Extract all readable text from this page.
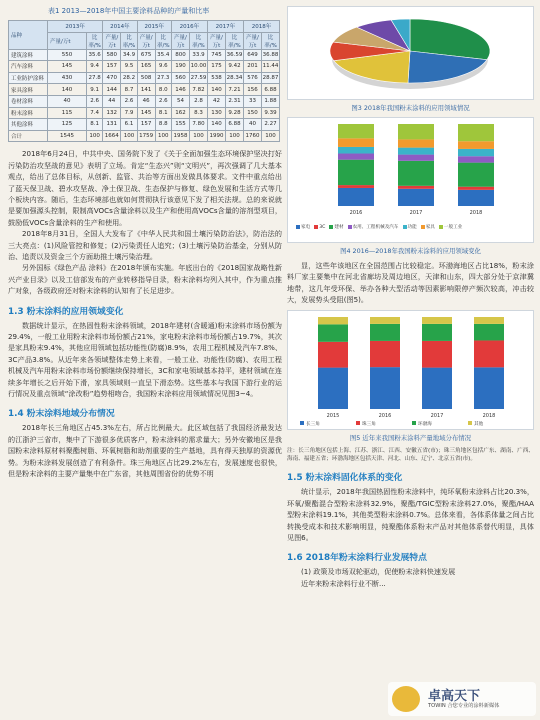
表1 2013—2018年中国主要涂料品种的产量和比率
品种	2013年		2014年		2015年		2016年		2017年		2018年	
	产量/万t	比率/%	产量/万t	比率/%	产量/万t	比率/%	产量/万t	比率/%	产量/万t	比率/%	产量/万t	比率/%
建筑涂料	550	35.6	580	34.9	675	35.4	800	33.9	745	36.59	649	36.88
汽车涂料	145	9.4	157	9.5	165	9.6	190	10.00	175	9.42	201	11.44
工业防护涂料	430	27.8	470	28.2	508	27.3	560	27.59	538	28.34	576	28.87
家具涂料	140	9.1	144	8.7	141	8.0	146	7.82	140	7.21	156	6.88
卷材涂料	40	2.6	44	2.6	46	2.6	54	2.8	42	2.31	33	1.88
粉末涂料	115	7.4	132	7.9	145	8.1	162	8.3	130	9.28	150	9.39
其他涂料	125	8.1	131	6.1	157	8.8	155	7.80	140	6.88	40	2.27
合计	1545	100	1664	100	1759	100	1958	100	1990	100	1760	100

2018年6月24日，中共中央、国务院下发了《关于全面加强生态环境保护坚决打好污染防治攻坚战的意见》表明了立场。肯定“生态兴”则“文明兴”，再次强调了几大基本观点，给出了总体目标，从创新、监管、共治等方面出发做具体要求。文件中重点给出了蓝天保卫战、碧水攻坚战、净土保卫战、生态保护与修复、绿色发展和生活方式等几个板块内容。随后，生态环境部也就如何贯彻执行该意见下发了相关法规。总的来说就是要加强源头控制，限制高VOCs含量涂料以及生产和使用高VOCs含量的溶剂型项目，鼓励低VOCs含量涂料的生产和使用。

2018年8月31日，全国人大发布了《中华人民共和国土壤污染防治法》，防治法的三大亮点：(1)风险管控和修复；(2)污染责任人追究；(3)土壤污染防治基金，分别从防治、追责以及资金三个方面助推土壤污染治理。

另外国标《绿色产品 涂料》在2018年颁布实施。年底出台的《2018国家战略性新兴产业目录》以及工信部发布的产业转移指导目录，粉末涂料均列入其中，作为重点推广对象，各级政府还对粉末涂料的认知有了长足进步。

1.3 粉末涂料的应用领域变化

数据统计显示，在热固性粉末涂料领域，2018年建材(含暖通)粉末涂料市场份额为29.4%，一般工业用粉末涂料市场份额占21%，家电粉末涂料市场份额占19.7%，其次是家具粉末9.4%，其他应用领域包括功能性(防腐)8.9%，农用工程机械及汽车7.8%、3C产品3.8%。从近年来各领域整体走势上来看，一般工业、功能性(防腐)、农用工程机械及汽车用粉末涂料市场份额继续保持增长，3C和家电领域基本持平，建材领域在连续多年增长之后开始下滑，家具领域则一直呈下滑态势。这些基本与我国下游行业的运行情况及重点领域“涂改粉”趋势相吻合，我国粉末涂料应用领域情况见图3~4。

1.4 粉末涂料地域分布情况

2018年长三角地区占45.3%左右，所占比例最大。此区域包括了我国经济最发达的江浙沪三省市，集中了下游很多优质客户，粉末涂料的需求量大；另外安徽地区是我国粉末涂料原材料聚酯树脂、环氧树脂和助剂重要的生产基地，具有得天独厚的资源优势。为粉末涂料发展创造了有利条件。珠三角地区占比29.2%左右，发展速度也很快，但是粉末涂料的主要产量集中在广东省，其他周围省份的优势不明

图3 2018年我国粉末涂料的应用领域情况
2016	2017	2018
家电 3C 建材 农用、工程机械及汽车 功能 家具 一般工业
图4 2016—2018年我国粉末涂料的应用领域变化

显，这些年该地区在全国范围占比较稳定。环渤海地区占比18%，粉末涂料厂家主要集中在河北省廊坊及周边地区，天津和山东，四大部分处于京津冀地带，这几年受环保、举办各种大型活动等因素影响限停产频次较高，冲击较大，发展势头受阻(图5)。

2015	2016	2017	2018
长三角	珠三角	环渤海	其他
图5 近年来我国粉末涂料产量地域分布情况

注：长三角地区包括上海、江苏、浙江、江西、安徽五省(市)；珠三角地区包括广东、湖南、广西、海南、福建五省；环渤海地区包括天津、河北、山东、辽宁、北京五省(市)。

1.5 粉末涂料固化体系的变化

统计显示，2018年我国热固性粉末涂料中，纯环氧粉末涂料占比20.3%，环氧/聚酯混合型粉末涂料32.9%，聚酯/TGIC型粉末涂料27.0%，聚酯/HAA型粉末涂料19.1%，其他类型粉末涂料0.7%。总体来看，各体系体量之间占比转换受成本和技术影响明显，纯聚酯体系粉末产品对其他体系替代明显，具体见图6。

1.6 2018年粉末涂料行业发展特点

(1) 政策及市场双轮驱动，促使粉末涂料快速发展

近年来粉末涂料行业不断...

卓高天下
TOWIN 合您专业的涂料新媒体
